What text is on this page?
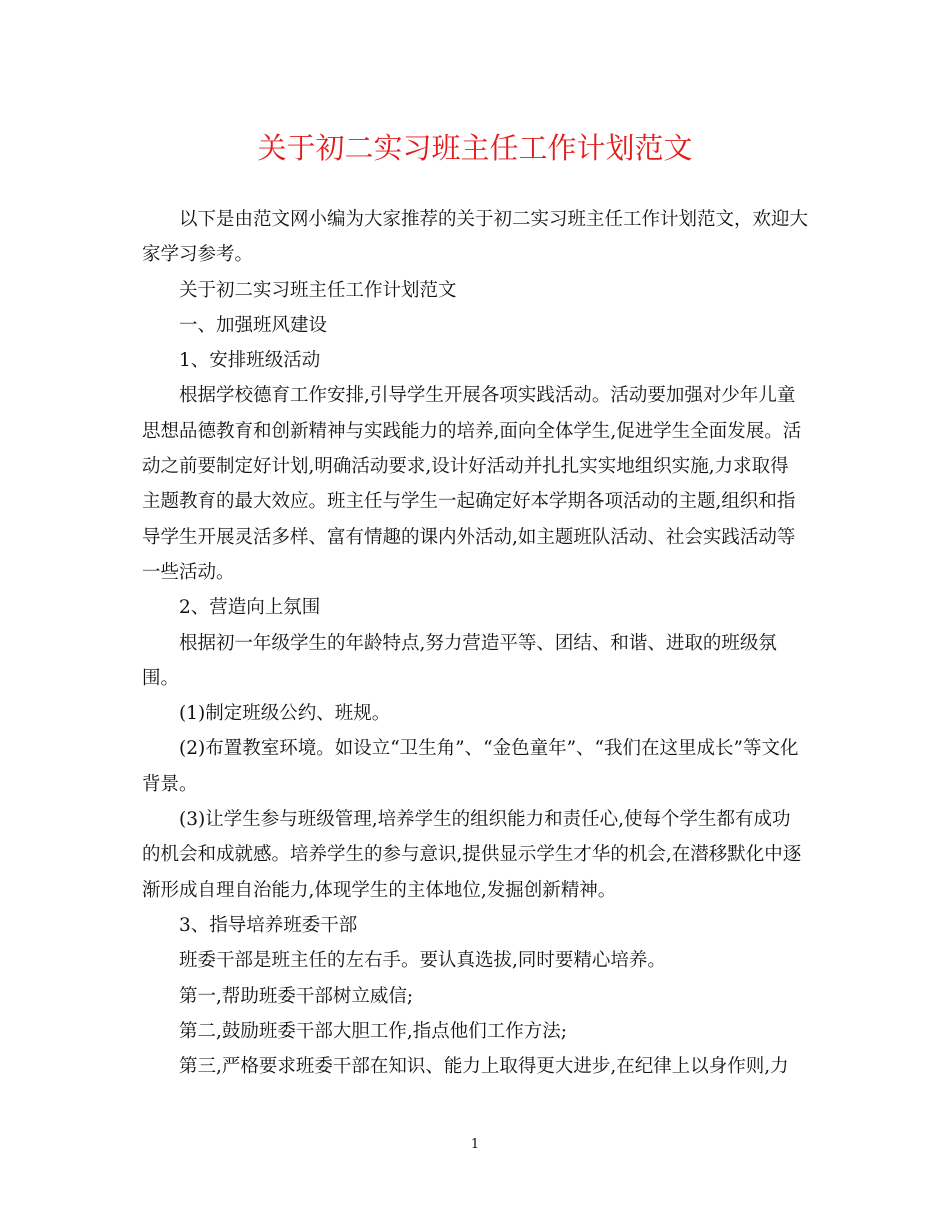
关于初二实习班主任工作计划范文

以下是由范文网小编为大家推荐的关于初二实习班主任工作计划范文，欢迎大

家学习参考。

关于初二实习班主任工作计划范文

一、加强班风建设

1、安排班级活动

根据学校德育工作安排,引导学生开展各项实践活动。活动要加强对少年儿童

思想品德教育和创新精神与实践能力的培养,面向全体学生,促进学生全面发展。活

动之前要制定好计划,明确活动要求,设计好活动并扎扎实实地组织实施,力求取得

主题教育的最大效应。班主任与学生一起确定好本学期各项活动的主题,组织和指

导学生开展灵活多样、富有情趣的课内外活动,如主题班队活动、社会实践活动等

一些活动。

2、营造向上氛围

根据初一年级学生的年龄特点,努力营造平等、团结、和谐、进取的班级氛

围。

(1)制定班级公约、班规。

(2)布置教室环境。如设立“卫生角”、“金色童年”、“我们在这里成长”等文化

背景。

(3)让学生参与班级管理,培养学生的组织能力和责任心,使每个学生都有成功

的机会和成就感。培养学生的参与意识,提供显示学生才华的机会,在潜移默化中逐

渐形成自理自治能力,体现学生的主体地位,发掘创新精神。

3、指导培养班委干部

班委干部是班主任的左右手。要认真选拔,同时要精心培养。

第一,帮助班委干部树立威信;

第二,鼓励班委干部大胆工作,指点他们工作方法;

第三,严格要求班委干部在知识、能力上取得更大进步,在纪律上以身作则,力

1
